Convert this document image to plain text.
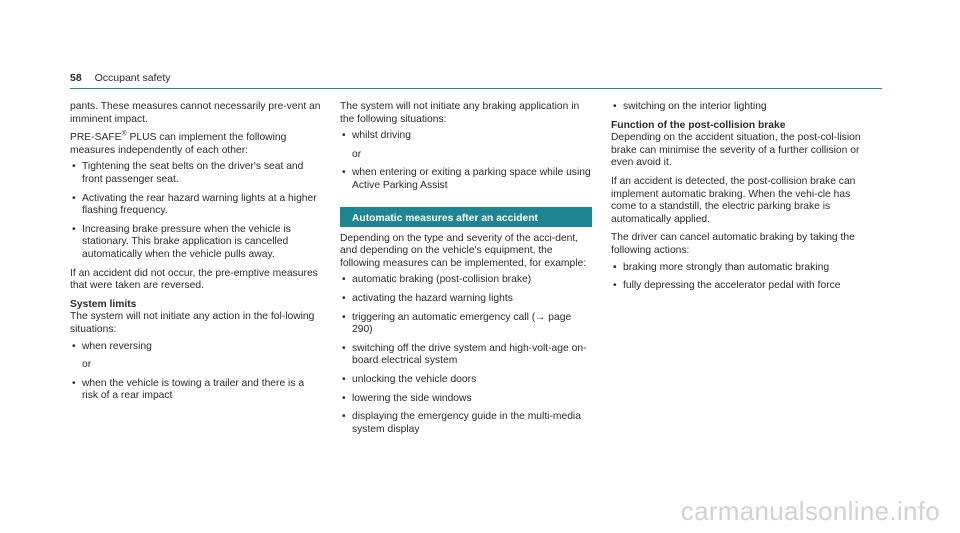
58 Occupant safety

pants. These measures cannot necessarily pre-vent an imminent impact.

PRE-SAFE® PLUS can implement the following measures independently of each other:

• Tightening the seat belts on the driver's seat and front passenger seat.
• Activating the rear hazard warning lights at a higher flashing frequency.
• Increasing brake pressure when the vehicle is stationary. This brake application is cancelled automatically when the vehicle pulls away.

If an accident did not occur, the pre-emptive measures that were taken are reversed.

System limits

The system will not initiate any action in the fol-lowing situations:

• when reversing

or

• when the vehicle is towing a trailer and there is a risk of a rear impact

The system will not initiate any braking application in the following situations:

• whilst driving

or

• when entering or exiting a parking space while using Active Parking Assist
Automatic measures after an accident

Depending on the type and severity of the acci-dent, and depending on the vehicle's equipment, the following measures can be implemented, for example:

• automatic braking (post-collision brake)
• activating the hazard warning lights
• triggering an automatic emergency call (→ page 290)
• switching off the drive system and high-volt-age on-board electrical system
• unlocking the vehicle doors
• lowering the side windows
• displaying the emergency guide in the multi-media system display
• switching on the interior lighting
Function of the post-collision brake

Depending on the accident situation, the post-col-lision brake can minimise the severity of a further collision or even avoid it.

If an accident is detected, the post-collision brake can implement automatic braking. When the vehi-cle has come to a standstill, the electric parking brake is automatically applied.

The driver can cancel automatic braking by taking the following actions:

• braking more strongly than automatic braking
• fully depressing the accelerator pedal with force
carmanualsonline.info
